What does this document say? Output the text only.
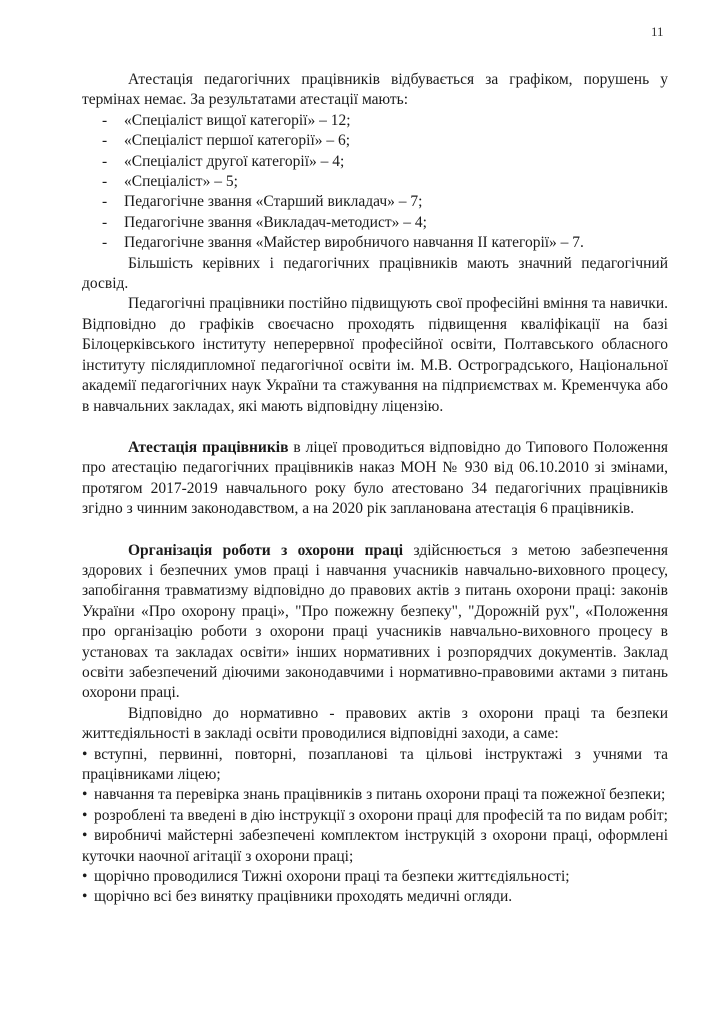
11

Атестація педагогічних працівників відбувається за графіком, порушень у термінах немає. За результатами атестації мають:

- «Спеціаліст вищої категорії» – 12;
- «Спеціаліст першої категорії» – 6;
- «Спеціаліст другої категорії» – 4;
- «Спеціаліст» – 5;
- Педагогічне звання «Старший викладач» – 7;
- Педагогічне звання «Викладач-методист» – 4;
- Педагогічне звання «Майстер виробничого навчання ІІ категорії» – 7.

Більшість керівних і педагогічних працівників мають значний педагогічний досвід.

Педагогічні працівники постійно підвищують свої професійні вміння та навички. Відповідно до графіків своєчасно проходять підвищення кваліфікації на базі Білоцерківського інституту неперервної професійної освіти, Полтавського обласного інституту післядипломної педагогічної освіти ім. М.В. Остроградського, Національної академії педагогічних наук України та стажування на підприємствах м. Кременчука або в навчальних закладах, які мають відповідну ліцензію.

Атестація працівників в ліцеї проводиться відповідно до Типового Положення про атестацію педагогічних працівників наказ МОН № 930 від 06.10.2010 зі змінами, протягом 2017-2019 навчального року було атестовано 34 педагогічних працівників згідно з чинним законодавством, а на 2020 рік запланована атестація 6 працівників.

Організація роботи з охорони праці здійснюється з метою забезпечення здорових і безпечних умов праці і навчання учасників навчально-виховного процесу, запобігання травматизму відповідно до правових актів з питань охорони праці: законів України «Про охорону праці», "Про пожежну безпеку", "Дорожній рух", «Положення про організацію роботи з охорони праці учасників навчально-виховного процесу в установах та закладах освіти» інших нормативних і розпорядчих документів. Заклад освіти забезпечений діючими законодавчими і нормативно-правовими актами з питань охорони праці.

Відповідно до нормативно - правових актів з охорони праці та безпеки життєдіяльності в закладі освіти проводилися відповідні заходи, а саме:

• вступні, первинні, повторні, позапланові та цільові інструктажі з учнями та працівниками ліцею;
• навчання та перевірка знань працівників з питань охорони праці та пожежної безпеки;
• розроблені та введені в дію інструкції з охорони праці для професій та по видам робіт;
• виробничі майстерні забезпечені комплектом інструкцій з охорони праці, оформлені куточки наочної агітації з охорони праці;
• щорічно проводилися Тижні охорони праці та безпеки життєдіяльності;
• щорічно всі без винятку працівники проходять медичні огляди.
